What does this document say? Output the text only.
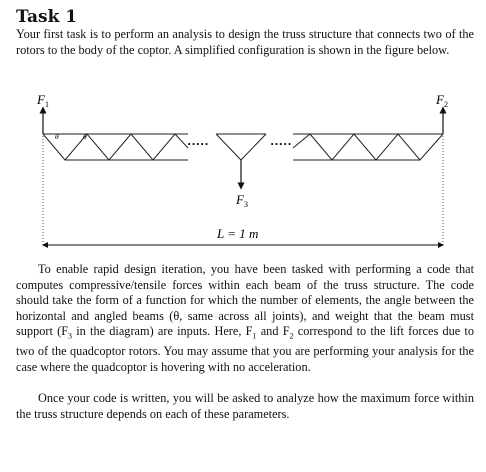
Task 1

Your first task is to perform an analysis to design the truss structure that connects two of the rotors to the body of the coptor. A simplified configuration is shown in the figure below.

·····	·····
θ	θ
$F_1$	$F_2$
$F_3$
L = 1 m

To enable rapid design iteration, you have been tasked with performing a code that computes compressive/tensile forces within each beam of the truss structure. The code should take the form of a function for which the number of elements, the angle between the horizontal and angled beams (θ, same across all joints), and weight that the beam must support ($F_3$ in the diagram) are inputs. Here, $F_1$ and $F_2$ correspond to the lift forces due to two of the quadcoptor rotors. You may assume that you are performing your analysis for the case where the quadcoptor is hovering with no acceleration.

Once your code is written, you will be asked to analyze how the maximum force within the truss structure depends on each of these parameters.
